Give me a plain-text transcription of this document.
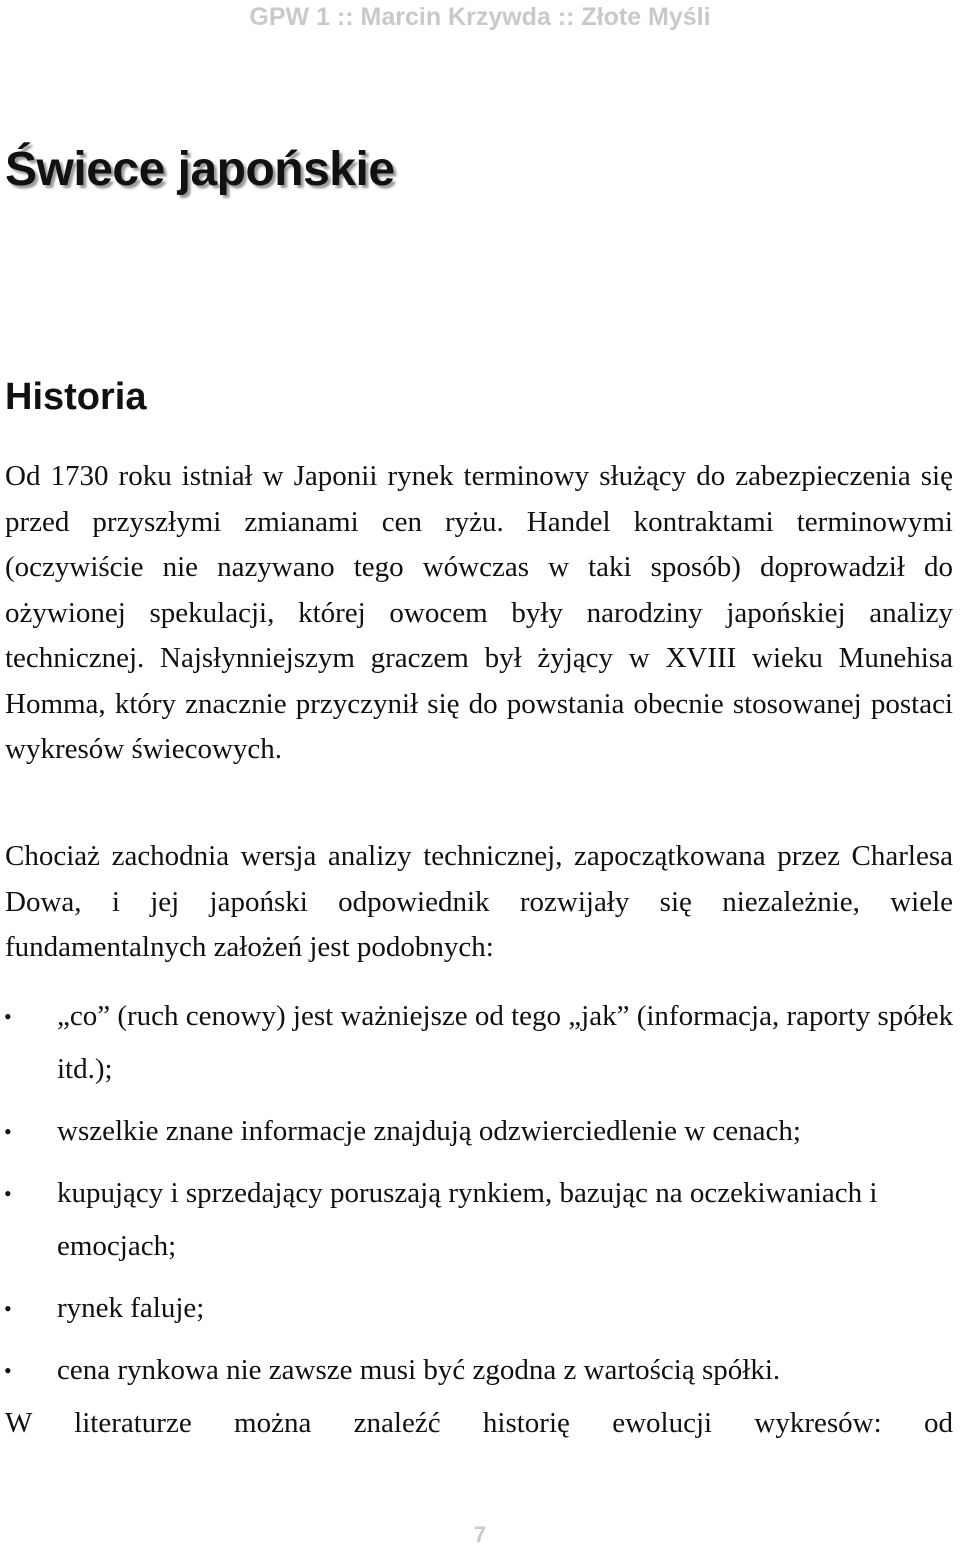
GPW 1 :: Marcin Krzywda :: Złote Myśli
Świece japońskie
Historia

Od 1730 roku istniał w Japonii rynek terminowy służący do zabezpieczenia się przed przyszłymi zmianami cen ryżu. Handel kontraktami terminowymi (oczywiście nie nazywano tego wówczas w taki sposób) doprowadził do ożywionej spekulacji, której owocem były narodziny japońskiej analizy technicznej. Najsłynniejszym graczem był żyjący w XVIII wieku Munehisa Homma, który znacznie przyczynił się do powstania obecnie stosowanej postaci wykresów świecowych.

Chociaż zachodnia wersja analizy technicznej, zapoczątkowana przez Charlesa Dowa, i jej japoński odpowiednik rozwijały się niezależnie, wiele fundamentalnych założeń jest podobnych:

•	„co” (ruch cenowy) jest ważniejsze od tego „jak” (informacja, raporty spółek itd.);
•	wszelkie znane informacje znajdują odzwierciedlenie w cenach;
•	kupujący i sprzedający poruszają rynkiem, bazując na oczekiwaniach i emocjach;
•	rynek faluje;
•	cena rynkowa nie zawsze musi być zgodna z wartością spółki.

W literaturze można znaleźć historię ewolucji wykresów: od

7
